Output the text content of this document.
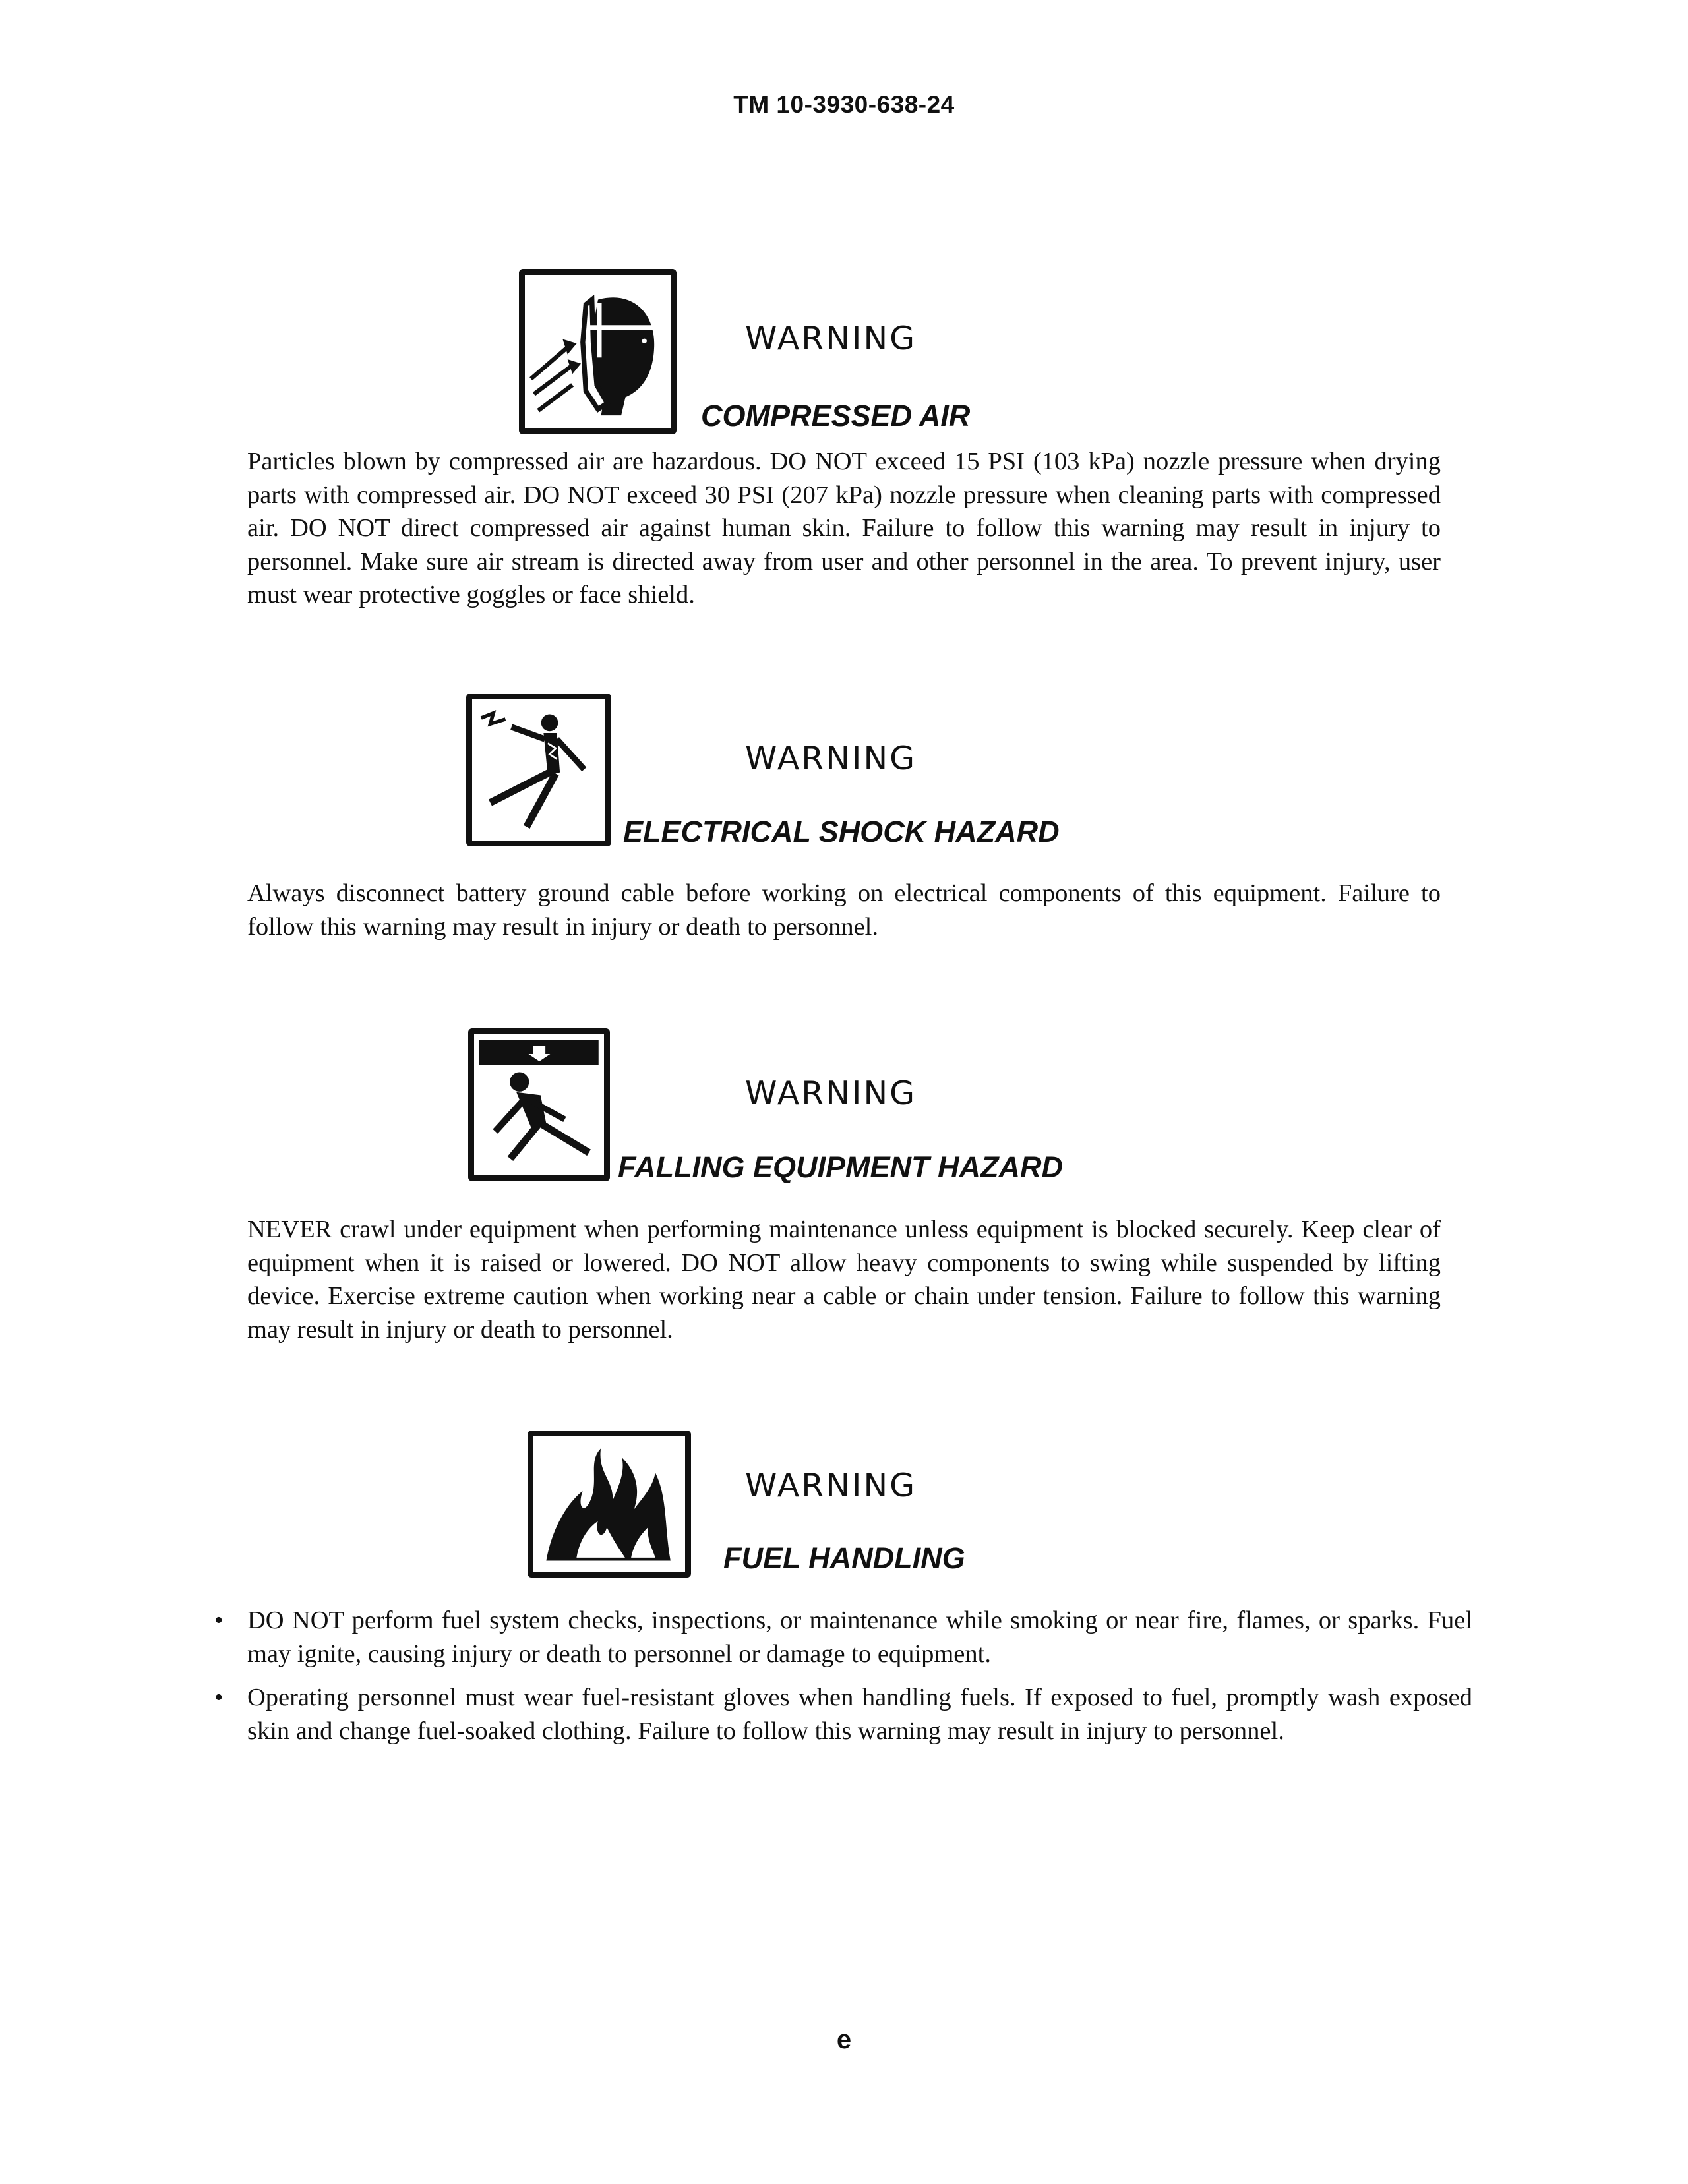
TM 10-3930-638-24
WARNING
COMPRESSED AIR

Particles blown by compressed air are hazardous. DO NOT exceed 15 PSI (103 kPa) nozzle pressure when drying parts with compressed air. DO NOT exceed 30 PSI (207 kPa) nozzle pressure when cleaning parts with compressed air. DO NOT direct compressed air against human skin. Failure to follow this warning may result in injury to personnel. Make sure air stream is directed away from user and other personnel in the area. To prevent injury, user must wear protective goggles or face shield.

WARNING
ELECTRICAL SHOCK HAZARD

Always disconnect battery ground cable before working on electrical components of this equipment. Failure to follow this warning may result in injury or death to personnel.

WARNING
FALLING EQUIPMENT HAZARD

NEVER crawl under equipment when performing maintenance unless equipment is blocked securely. Keep clear of equipment when it is raised or lowered. DO NOT allow heavy components to swing while suspended by lifting device. Exercise extreme caution when working near a cable or chain under tension. Failure to follow this warning may result in injury or death to personnel.

WARNING
FUEL HANDLING
• DO NOT perform fuel system checks, inspections, or maintenance while smoking or near fire, flames, or sparks. Fuel may ignite, causing injury or death to personnel or damage to equipment.
• Operating personnel must wear fuel-resistant gloves when handling fuels. If exposed to fuel, promptly wash exposed skin and change fuel-soaked clothing. Failure to follow this warning may result in injury to personnel.
e
